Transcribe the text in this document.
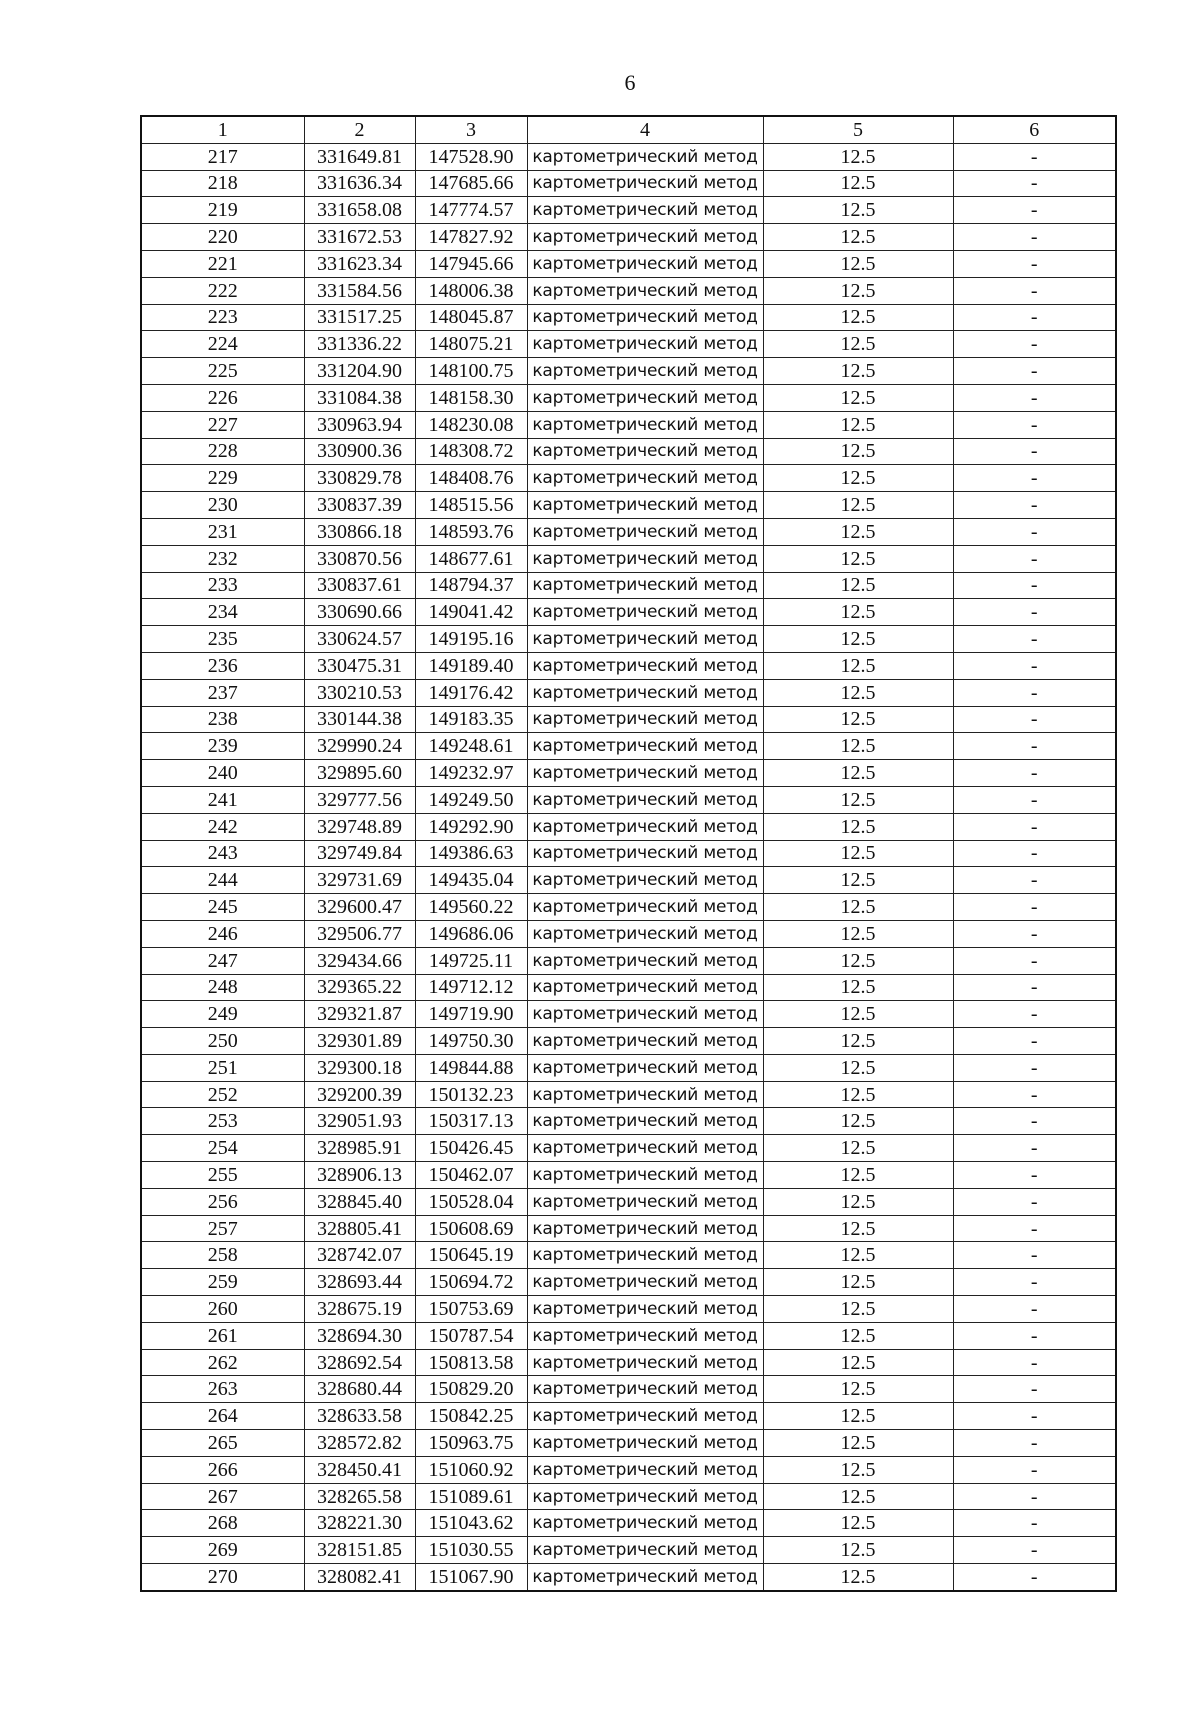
6
1	2	3	4	5	6
217	331649.81	147528.90	картометрический метод	12.5	-
218	331636.34	147685.66	картометрический метод	12.5	-
219	331658.08	147774.57	картометрический метод	12.5	-
220	331672.53	147827.92	картометрический метод	12.5	-
221	331623.34	147945.66	картометрический метод	12.5	-
222	331584.56	148006.38	картометрический метод	12.5	-
223	331517.25	148045.87	картометрический метод	12.5	-
224	331336.22	148075.21	картометрический метод	12.5	-
225	331204.90	148100.75	картометрический метод	12.5	-
226	331084.38	148158.30	картометрический метод	12.5	-
227	330963.94	148230.08	картометрический метод	12.5	-
228	330900.36	148308.72	картометрический метод	12.5	-
229	330829.78	148408.76	картометрический метод	12.5	-
230	330837.39	148515.56	картометрический метод	12.5	-
231	330866.18	148593.76	картометрический метод	12.5	-
232	330870.56	148677.61	картометрический метод	12.5	-
233	330837.61	148794.37	картометрический метод	12.5	-
234	330690.66	149041.42	картометрический метод	12.5	-
235	330624.57	149195.16	картометрический метод	12.5	-
236	330475.31	149189.40	картометрический метод	12.5	-
237	330210.53	149176.42	картометрический метод	12.5	-
238	330144.38	149183.35	картометрический метод	12.5	-
239	329990.24	149248.61	картометрический метод	12.5	-
240	329895.60	149232.97	картометрический метод	12.5	-
241	329777.56	149249.50	картометрический метод	12.5	-
242	329748.89	149292.90	картометрический метод	12.5	-
243	329749.84	149386.63	картометрический метод	12.5	-
244	329731.69	149435.04	картометрический метод	12.5	-
245	329600.47	149560.22	картометрический метод	12.5	-
246	329506.77	149686.06	картометрический метод	12.5	-
247	329434.66	149725.11	картометрический метод	12.5	-
248	329365.22	149712.12	картометрический метод	12.5	-
249	329321.87	149719.90	картометрический метод	12.5	-
250	329301.89	149750.30	картометрический метод	12.5	-
251	329300.18	149844.88	картометрический метод	12.5	-
252	329200.39	150132.23	картометрический метод	12.5	-
253	329051.93	150317.13	картометрический метод	12.5	-
254	328985.91	150426.45	картометрический метод	12.5	-
255	328906.13	150462.07	картометрический метод	12.5	-
256	328845.40	150528.04	картометрический метод	12.5	-
257	328805.41	150608.69	картометрический метод	12.5	-
258	328742.07	150645.19	картометрический метод	12.5	-
259	328693.44	150694.72	картометрический метод	12.5	-
260	328675.19	150753.69	картометрический метод	12.5	-
261	328694.30	150787.54	картометрический метод	12.5	-
262	328692.54	150813.58	картометрический метод	12.5	-
263	328680.44	150829.20	картометрический метод	12.5	-
264	328633.58	150842.25	картометрический метод	12.5	-
265	328572.82	150963.75	картометрический метод	12.5	-
266	328450.41	151060.92	картометрический метод	12.5	-
267	328265.58	151089.61	картометрический метод	12.5	-
268	328221.30	151043.62	картометрический метод	12.5	-
269	328151.85	151030.55	картометрический метод	12.5	-
270	328082.41	151067.90	картометрический метод	12.5	-
